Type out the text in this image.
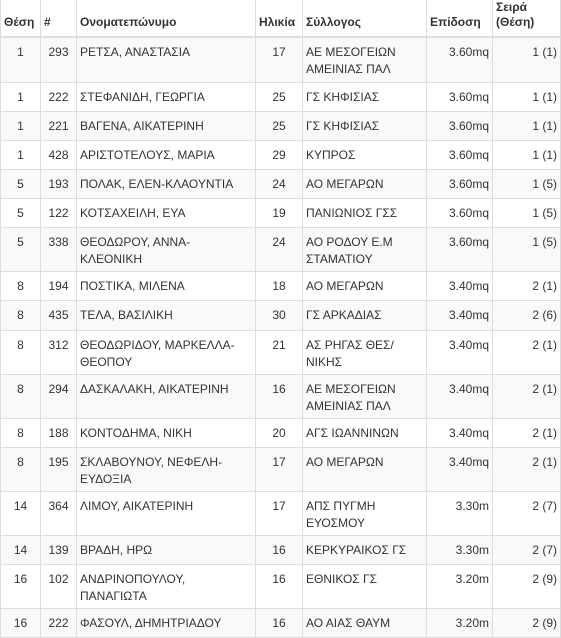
Θέση	#	Ονοματεπώνυμο	Ηλικία	Σύλλογος	Επίδοση	Σειρά
(Θέση)
1	293	ΡΕΤΣΑ, ΑΝΑΣΤΑΣΙΑ	17	ΑΕ ΜΕΣΟΓΕΙΩΝ ΑΜΕΙΝΙΑΣ ΠΑΛ	3.60mq	1 (1)
1	222	ΣΤΕΦΑΝΙΔΗ, ΓΕΩΡΓΙΑ	25	ΓΣ ΚΗΦΙΣΙΑΣ	3.60mq	1 (1)
1	221	ΒΑΓΕΝΑ, ΑΙΚΑΤΕΡΙΝΗ	25	ΓΣ ΚΗΦΙΣΙΑΣ	3.60mq	1 (1)
1	428	ΑΡΙΣΤΟΤΕΛΟΥΣ, ΜΑΡΙΑ	29	ΚΥΠΡΟΣ	3.60mq	1 (1)
5	193	ΠΟΛΑΚ, ΕΛΕΝ-ΚΛΑΟΥΝΤΙΑ	24	ΑΟ ΜΕΓΑΡΩΝ	3.60mq	1 (5)
5	122	ΚΟΤΣΑΧΕΙΛΗ, ΕΥΑ	19	ΠΑΝΙΩΝΙΟΣ ΓΣΣ	3.60mq	1 (5)
5	338	ΘΕΟΔΩΡΟΥ, ΑΝΝΑ-ΚΛΕΟΝΙΚΗ	24	ΑΟ ΡΟΔΟΥ Ε.Μ ΣΤΑΜΑΤΙΟΥ	3.60mq	1 (5)
8	194	ΠΟΣΤΙΚΑ, ΜΙΛΕΝΑ	18	ΑΟ ΜΕΓΑΡΩΝ	3.40mq	2 (1)
8	435	ΤΕΛΑ, ΒΑΣΙΛΙΚΗ	30	ΓΣ ΑΡΚΑΔΙΑΣ	3.40mq	2 (6)
8	312	ΘΕΟΔΩΡΙΔΟΥ, ΜΑΡΚΕΛΛΑ-ΘΕΟΠΟΥ	21	ΑΣ ΡΗΓΑΣ ΘΕΣ/ΝΙΚΗΣ	3.40mq	2 (1)
8	294	ΔΑΣΚΑΛΑΚΗ, ΑΙΚΑΤΕΡΙΝΗ	16	ΑΕ ΜΕΣΟΓΕΙΩΝ ΑΜΕΙΝΙΑΣ ΠΑΛ	3.40mq	2 (1)
8	188	ΚΟΝΤΟΔΗΜΑ, ΝΙΚΗ	20	ΑΓΣ ΙΩΑΝΝΙΝΩΝ	3.40mq	2 (1)
8	195	ΣΚΛΑΒΟΥΝΟΥ, ΝΕΦΕΛΗ-ΕΥΔΟΞΙΑ	17	ΑΟ ΜΕΓΑΡΩΝ	3.40mq	2 (1)
14	364	ΛΙΜΟΥ, ΑΙΚΑΤΕΡΙΝΗ	17	ΑΠΣ ΠΥΓΜΗ ΕΥΟΣΜΟΥ	3.30m	2 (7)
14	139	ΒΡΑΔΗ, ΗΡΩ	16	ΚΕΡΚΥΡΑΙΚΟΣ ΓΣ	3.30m	2 (7)
16	102	ΑΝΔΡΙΝΟΠΟΥΛΟΥ, ΠΑΝΑΓΙΩΤΑ	16	ΕΘΝΙΚΟΣ ΓΣ	3.20m	2 (9)
16	222	ΦΑΣΟΥΛ, ΔΗΜΗΤΡΙΑΔΟΥ	16	ΑΟ ΑΙΑΣ ΘΑΥΜ	3.20m	2 (9)
